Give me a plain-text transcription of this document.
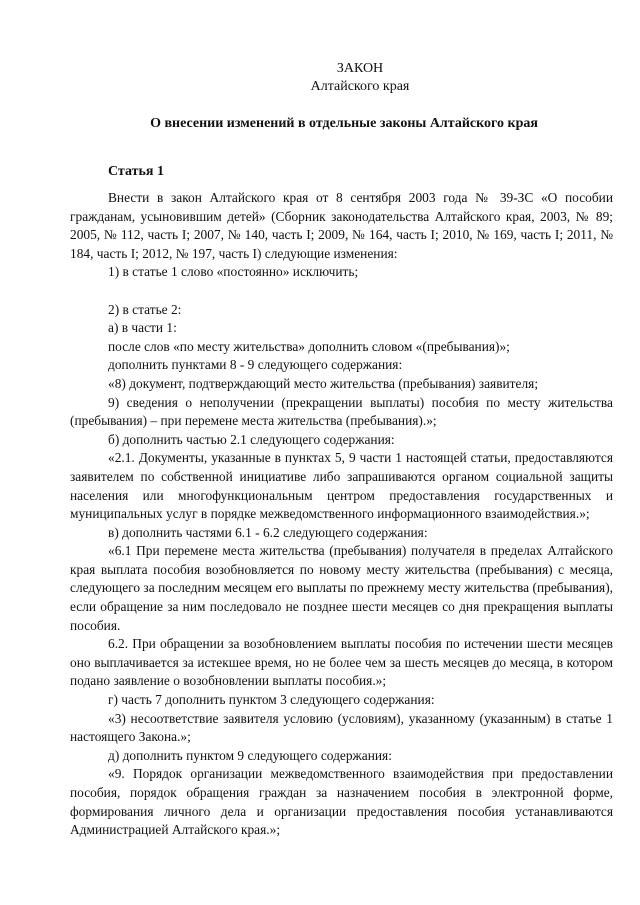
ЗАКОН
Алтайского края
О внесении изменений в отдельные законы Алтайского края
Статья 1

Внести в закон Алтайского края от 8 сентября 2003 года № 39-ЗС «О пособии гражданам, усыновившим детей» (Сборник законодательства Алтайского края, 2003, № 89; 2005, № 112, часть I; 2007, № 140, часть I; 2009, № 164, часть I; 2010, № 169, часть I; 2011, № 184, часть I; 2012, № 197, часть I) следующие изменения:

1) в статье 1 слово «постоянно» исключить;

2) в статье 2:

а) в части 1:

после слов «по месту жительства» дополнить словом «(пребывания)»;

дополнить пунктами 8 - 9 следующего содержания:

«8) документ, подтверждающий место жительства (пребывания) заявителя;

9) сведения о неполучении (прекращении выплаты) пособия по месту жительства (пребывания) – при перемене места жительства (пребывания).»;

б) дополнить частью 2.1 следующего содержания:

«2.1. Документы, указанные в пунктах 5, 9 части 1 настоящей статьи, предоставляются заявителем по собственной инициативе либо запрашиваются органом социальной защиты населения или многофункциональным центром предоставления государственных и муниципальных услуг в порядке межведомственного информационного взаимодействия.»;

в) дополнить частями 6.1 - 6.2 следующего содержания:

«6.1 При перемене места жительства (пребывания) получателя в пределах Алтайского края выплата пособия возобновляется по новому месту жительства (пребывания) с месяца, следующего за последним месяцем его выплаты по прежнему месту жительства (пребывания), если обращение за ним последовало не позднее шести месяцев со дня прекращения выплаты пособия.

6.2. При обращении за возобновлением выплаты пособия по истечении шести месяцев оно выплачивается за истекшее время, но не более чем за шесть месяцев до месяца, в котором подано заявление о возобновлении выплаты пособия.»;

г) часть 7 дополнить пунктом 3 следующего содержания:

«3) несоответствие заявителя условию (условиям), указанному (указанным) в статье 1 настоящего Закона.»;

д) дополнить пунктом 9 следующего содержания:

«9. Порядок организации межведомственного взаимодействия при предоставлении пособия, порядок обращения граждан за назначением пособия в электронной форме, формирования личного дела и организации предоставления пособия устанавливаются Администрацией Алтайского края.»;
